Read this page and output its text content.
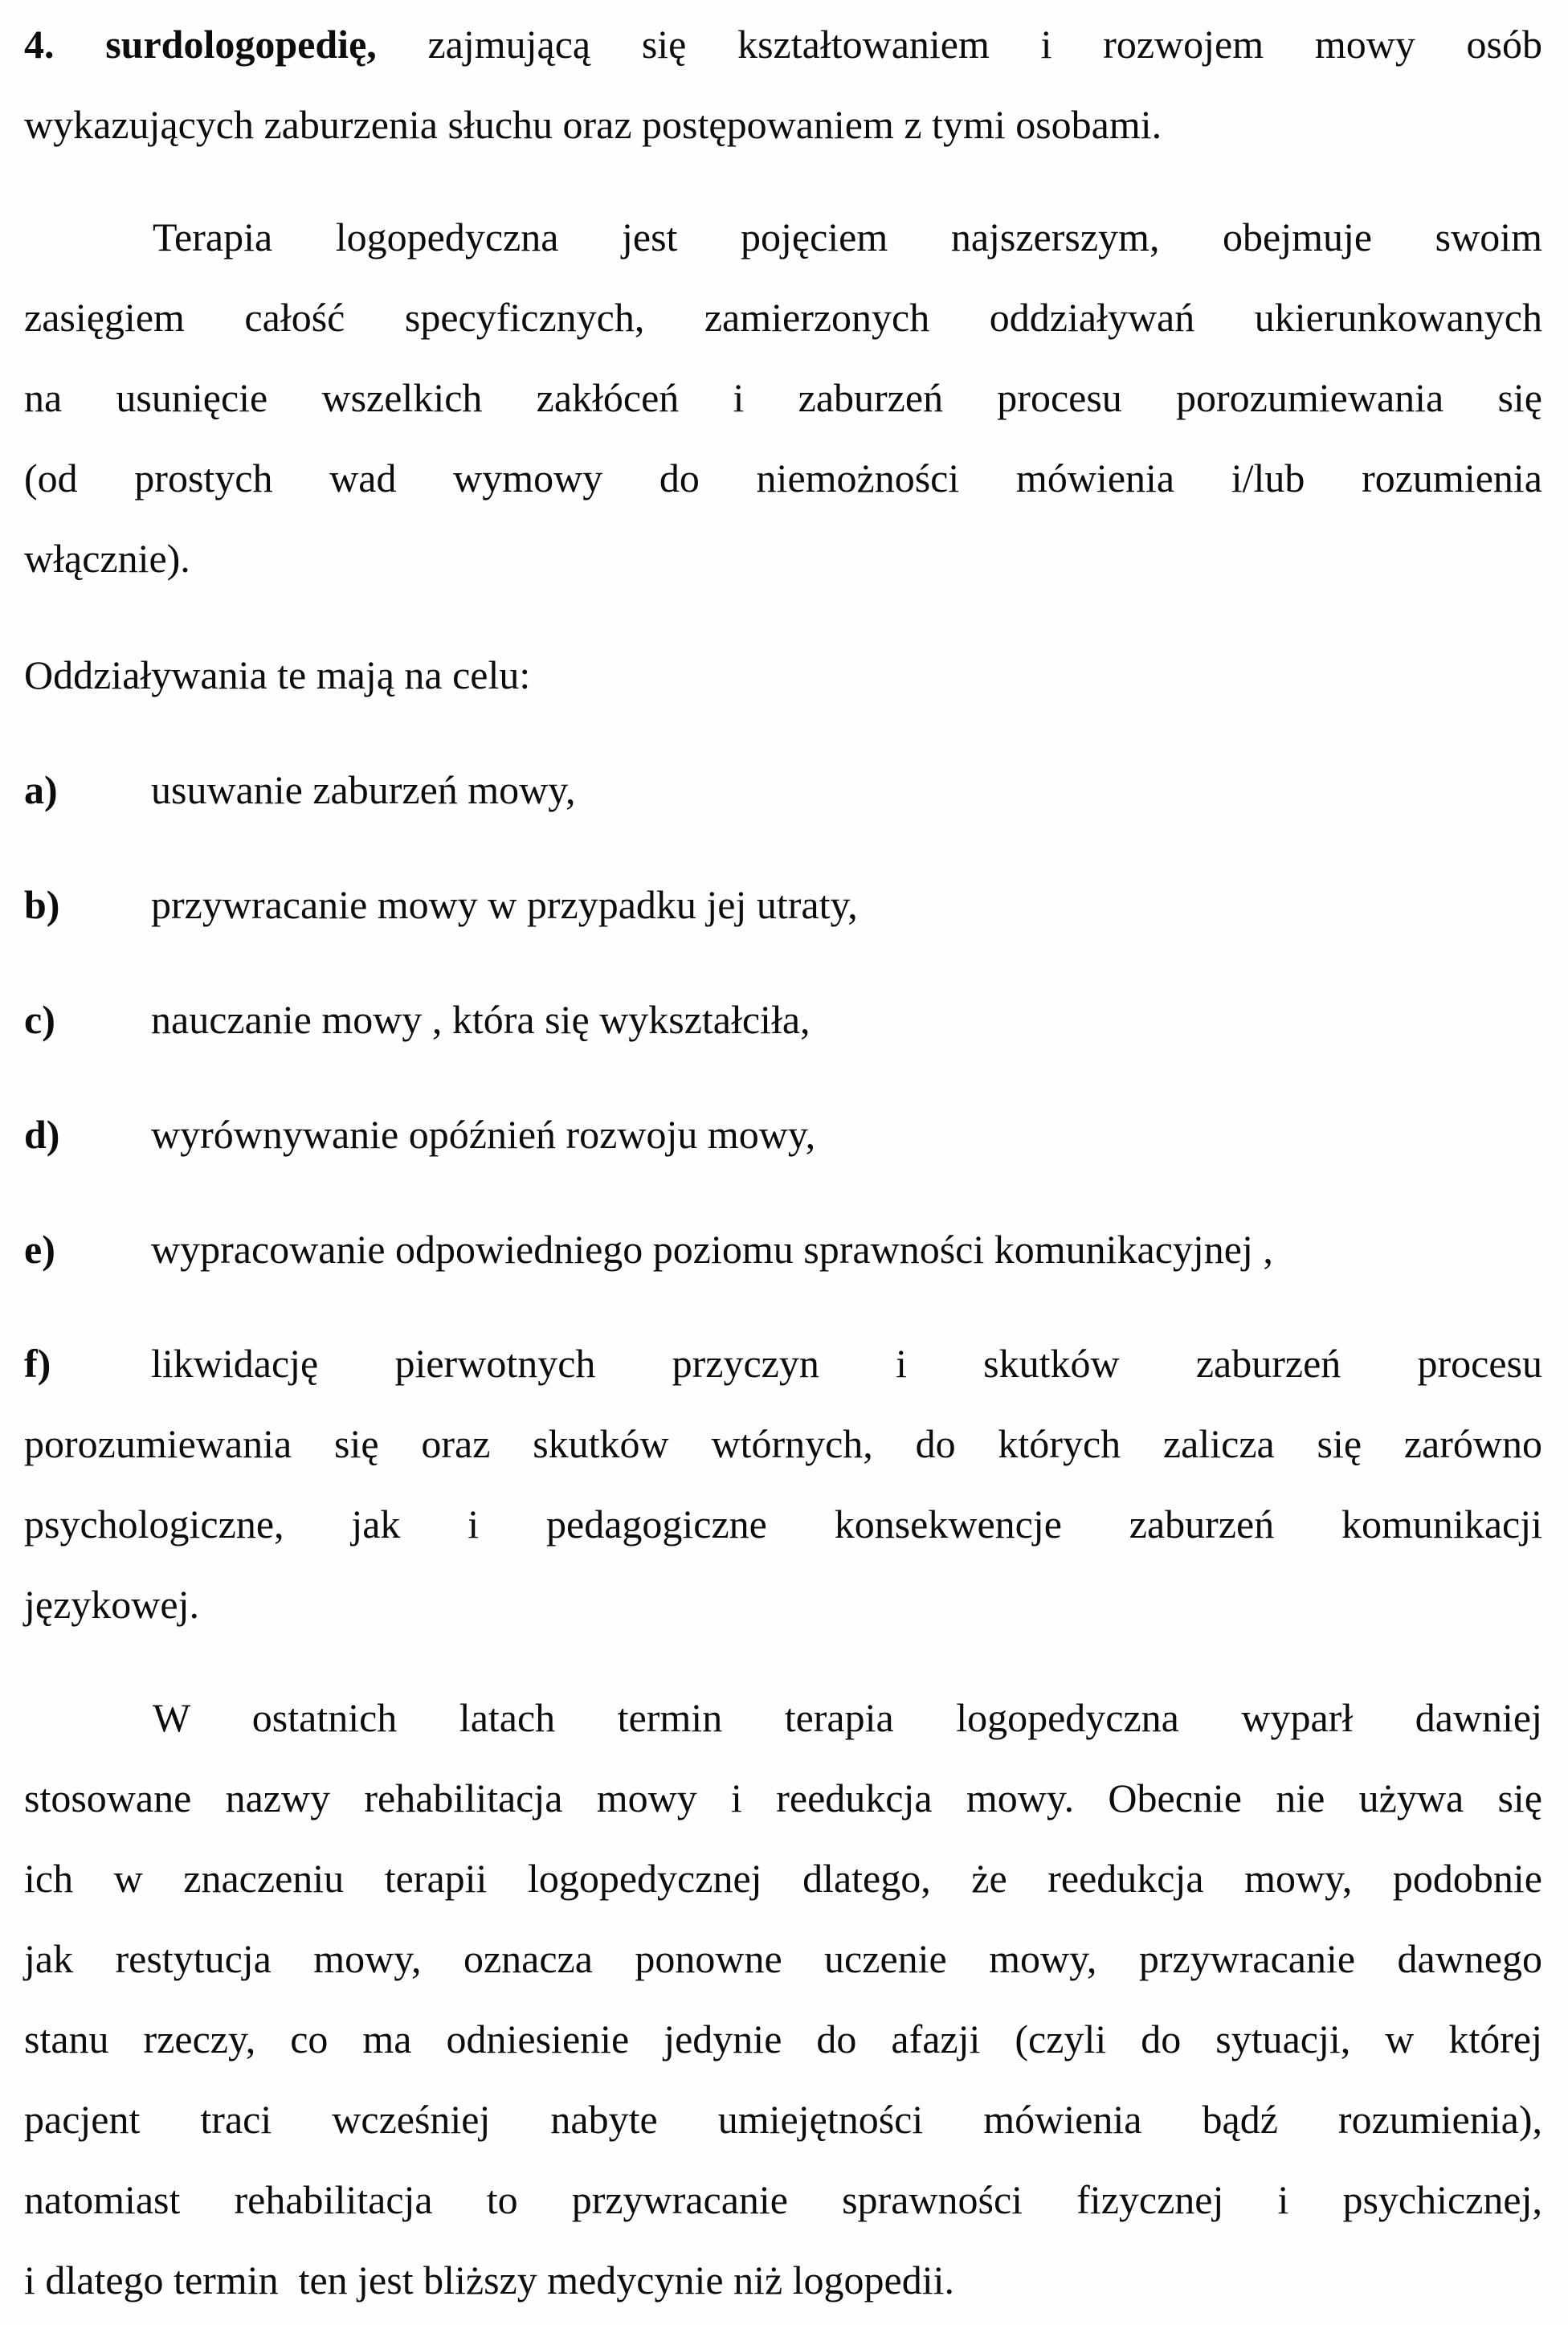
4. surdologopedię, zajmującą się kształtowaniem i rozwojem mowy osób
wykazujących zaburzenia słuchu oraz postępowaniem z tymi osobami.
Terapia logopedyczna jest pojęciem najszerszym, obejmuje swoim
zasięgiem całość specyficznych, zamierzonych oddziaływań ukierunkowanych
na usunięcie wszelkich zakłóceń i zaburzeń procesu porozumiewania się
(od prostych wad wymowy do niemożności mówienia i/lub rozumienia
włącznie).
Oddziaływania te mają na celu:
a) usuwanie zaburzeń mowy,
b) przywracanie mowy w przypadku jej utraty,
c) nauczanie mowy , która się wykształciła,
d) wyrównywanie opóźnień rozwoju mowy,
e) wypracowanie odpowiedniego poziomu sprawności komunikacyjnej ,
f) likwidację pierwotnych przyczyn i skutków zaburzeń procesu
porozumiewania się oraz skutków wtórnych, do których zalicza się zarówno
psychologiczne, jak i pedagogiczne konsekwencje zaburzeń komunikacji
językowej.
W ostatnich latach termin terapia logopedyczna wyparł dawniej
stosowane nazwy rehabilitacja mowy i reedukcja mowy. Obecnie nie używa się
ich w znaczeniu terapii logopedycznej dlatego, że reedukcja mowy, podobnie
jak restytucja mowy, oznacza ponowne uczenie mowy, przywracanie dawnego
stanu rzeczy, co ma odniesienie jedynie do afazji (czyli do sytuacji, w której
pacjent traci wcześniej nabyte umiejętności mówienia bądź rozumienia),
natomiast rehabilitacja to przywracanie sprawności fizycznej i psychicznej,
i dlatego termin  ten jest bliższy medycynie niż logopedii.
